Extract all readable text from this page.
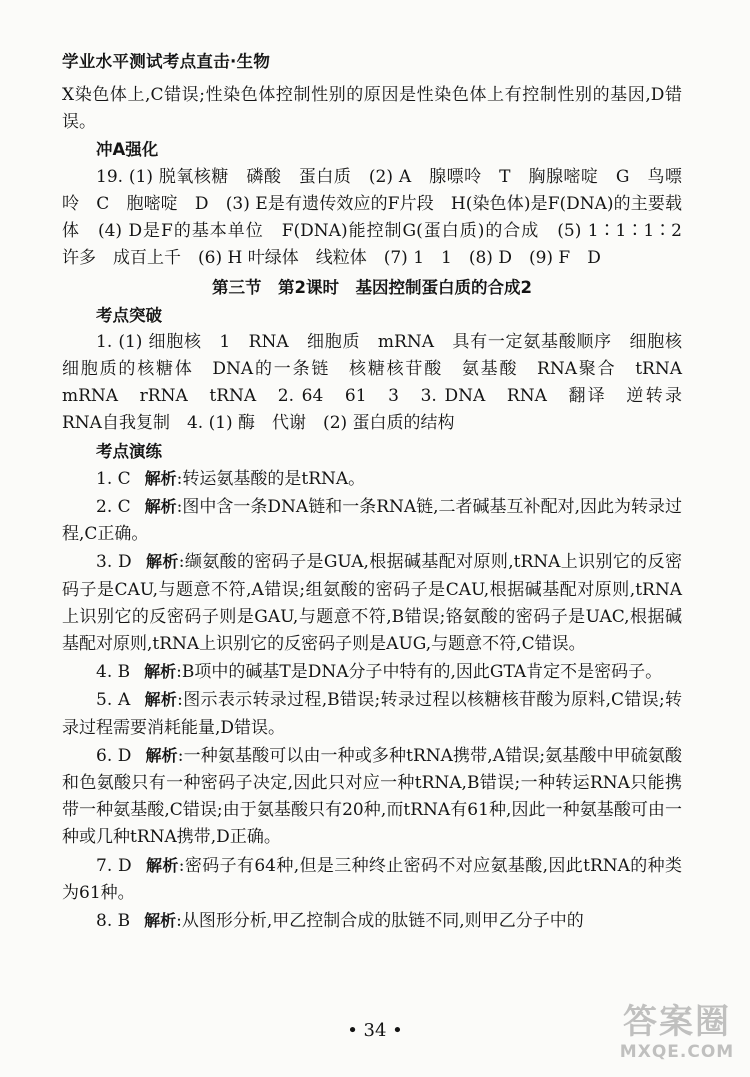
学业水平测试考点直击·生物

X染色体上,C错误;性染色体控制性别的原因是性染色体上有控制性别的基因,D错误。

冲A强化

19. (1) 脱氧核糖　磷酸　蛋白质　(2) A　腺嘌呤　T　胸腺嘧啶　G　鸟嘌呤　C　胞嘧啶　D　(3) E是有遗传效应的F片段　H(染色体)是F(DNA)的主要载体　(4) D是F的基本单位　F(DNA)能控制G(蛋白质)的合成　(5) 1∶1∶1∶2　许多　成百上千　(6) H 叶绿体　线粒体　(7) 1　1　(8) D　(9) F　D

第三节　第2课时　基因控制蛋白质的合成2

考点突破

1. (1) 细胞核　1　RNA　细胞质　mRNA　具有一定氨基酸顺序　细胞核　细胞质的核糖体　DNA的一条链　核糖核苷酸　氨基酸　RNA聚合　tRNA　mRNA　rRNA　tRNA　2. 64　61　3　3. DNA　RNA　翻译　逆转录　RNA自我复制　4. (1) 酶　代谢　(2) 蛋白质的结构

考点演练

1. C 解析:转运氨基酸的是tRNA。

2. C 解析:图中含一条DNA链和一条RNA链,二者碱基互补配对,因此为转录过程,C正确。

3. D 解析:缬氨酸的密码子是GUA,根据碱基配对原则,tRNA上识别它的反密码子是CAU,与题意不符,A错误;组氨酸的密码子是CAU,根据碱基配对原则,tRNA上识别它的反密码子则是GAU,与题意不符,B错误;铬氨酸的密码子是UAC,根据碱基配对原则,tRNA上识别它的反密码子则是AUG,与题意不符,C错误。

4. B 解析:B项中的碱基T是DNA分子中特有的,因此GTA肯定不是密码子。

5. A 解析:图示表示转录过程,B错误;转录过程以核糖核苷酸为原料,C错误;转录过程需要消耗能量,D错误。

6. D 解析:一种氨基酸可以由一种或多种tRNA携带,A错误;氨基酸中甲硫氨酸和色氨酸只有一种密码子决定,因此只对应一种tRNA,B错误;一种转运RNA只能携带一种氨基酸,C错误;由于氨基酸只有20种,而tRNA有61种,因此一种氨基酸可由一种或几种tRNA携带,D正确。

7. D 解析:密码子有64种,但是三种终止密码不对应氨基酸,因此tRNA的种类为61种。

8. B 解析:从图形分析,甲乙控制合成的肽链不同,则甲乙分子中的

• 34 •	答案圈
MXQE.COM
